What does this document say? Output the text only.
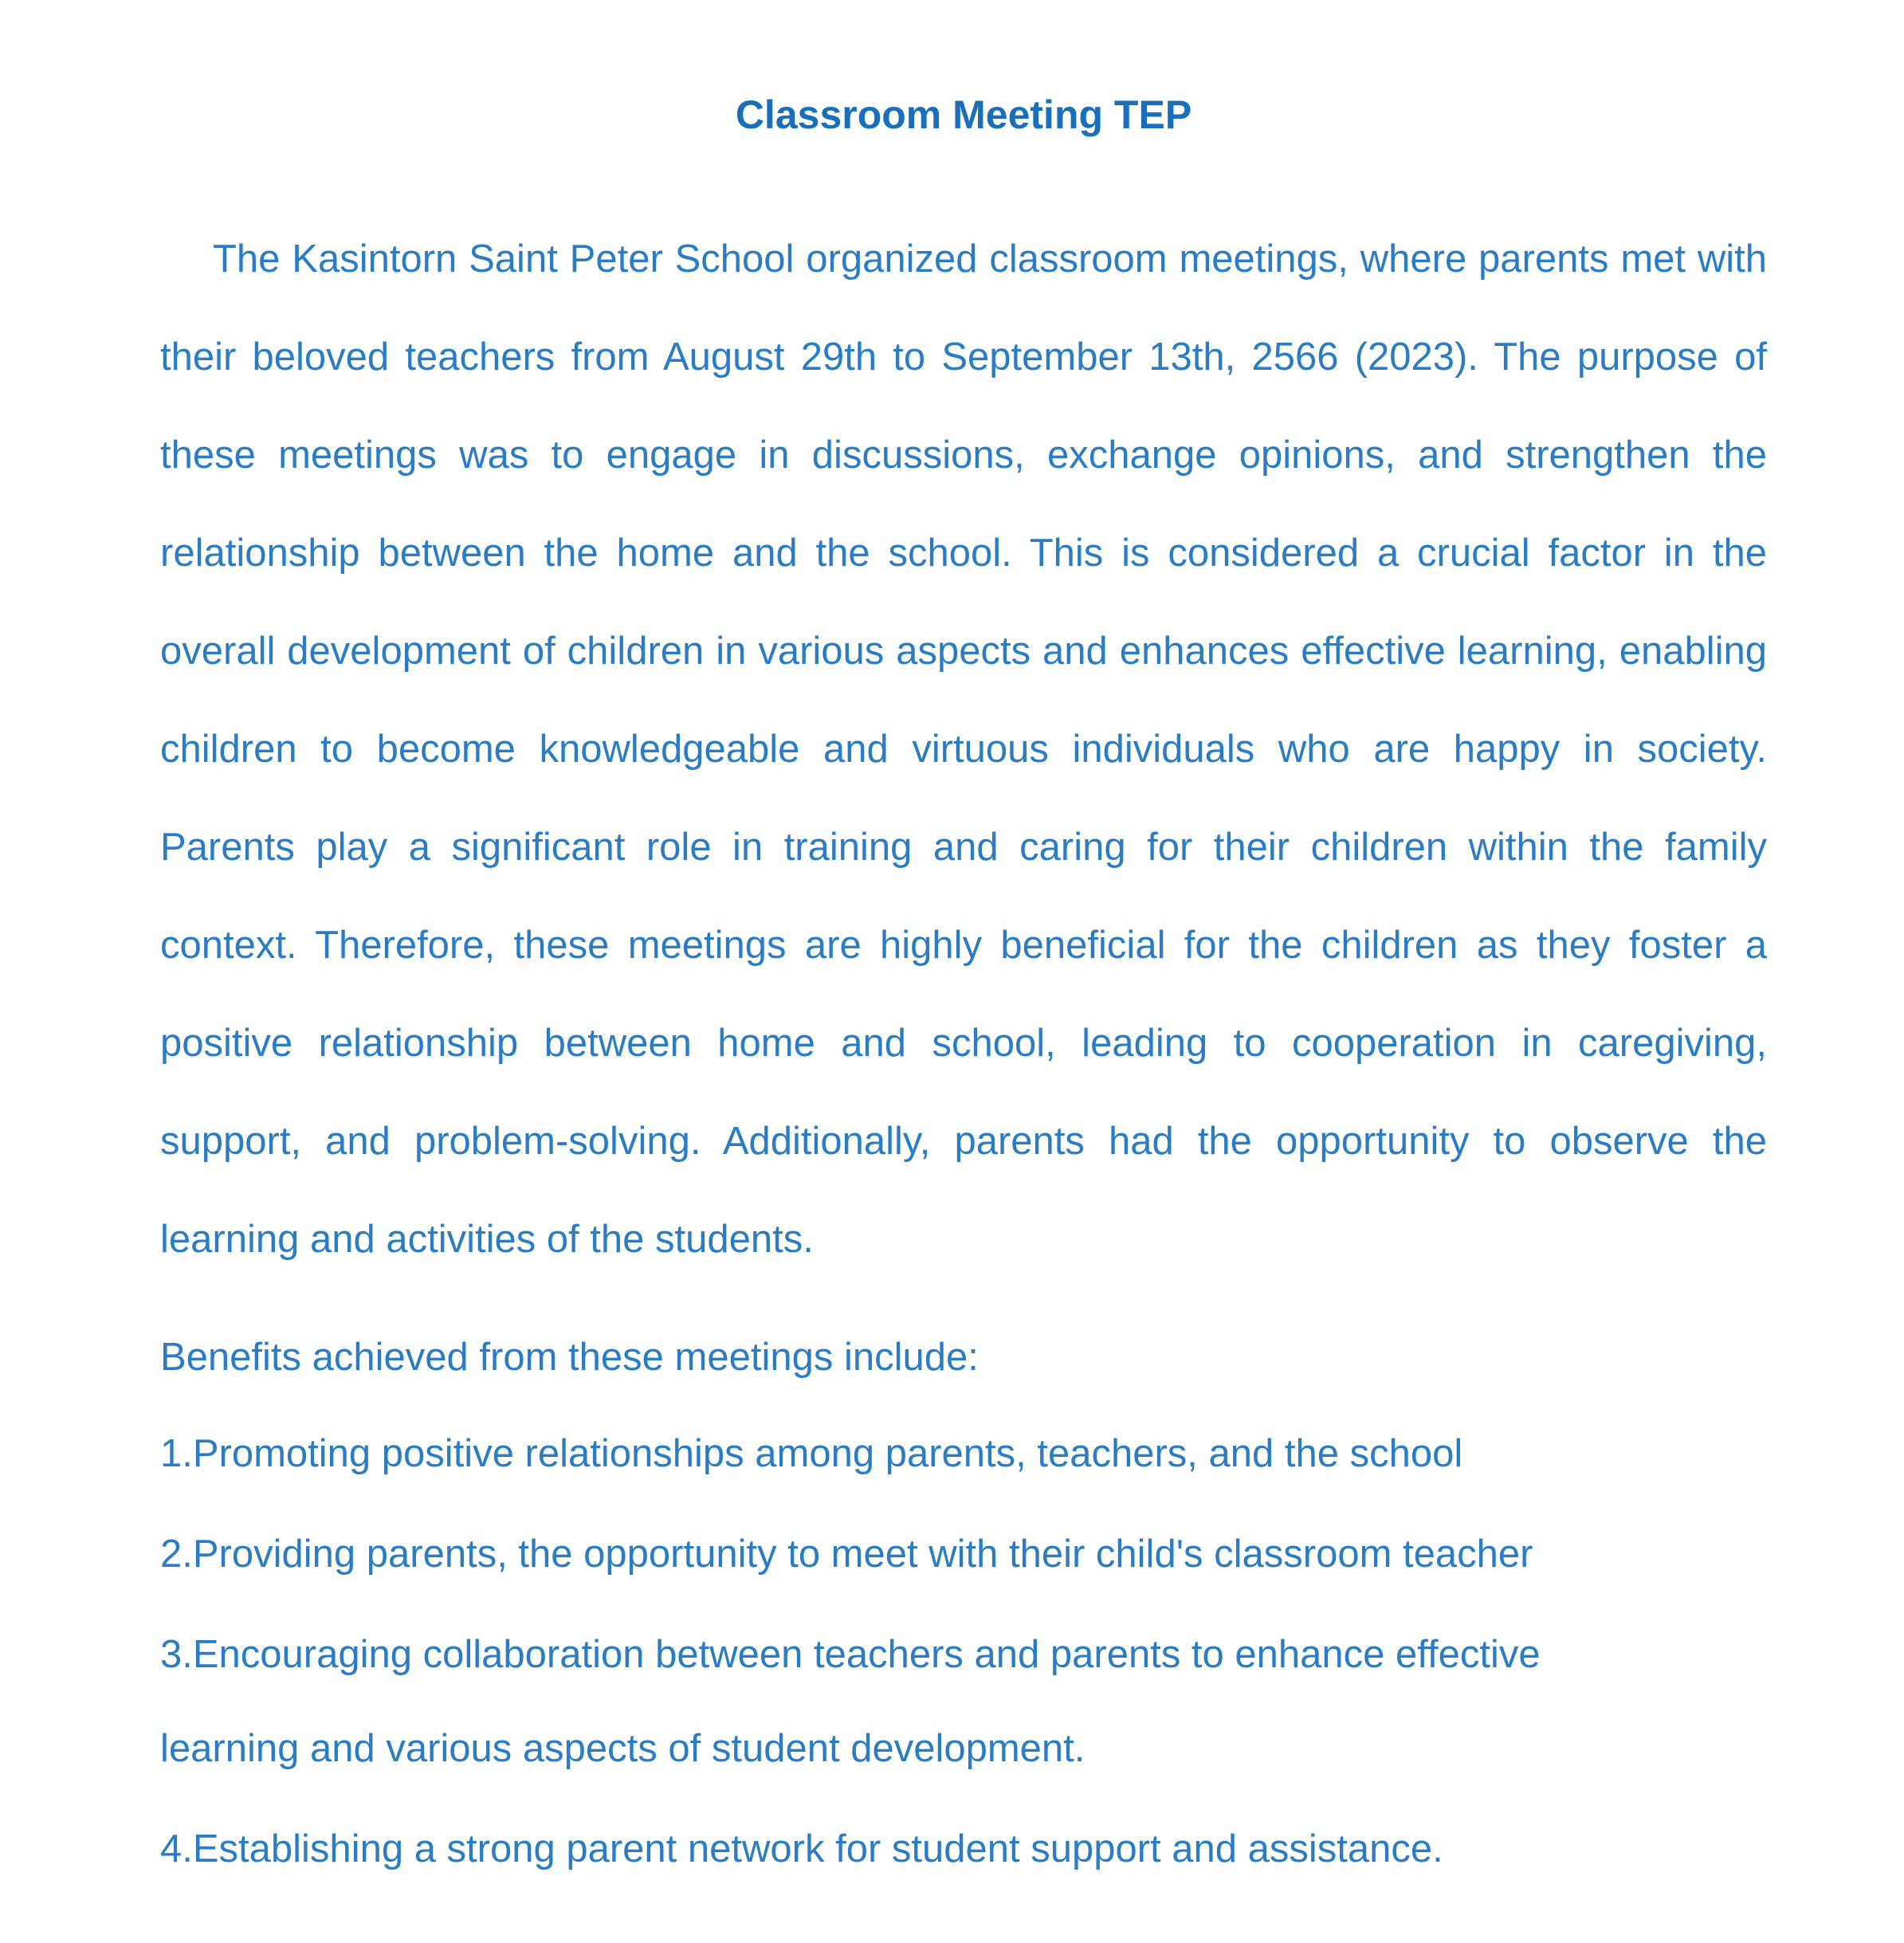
Classroom Meeting TEP

The Kasintorn Saint Peter School organized classroom meetings, where parents met with their beloved teachers from August 29th to September 13th, 2566 (2023). The purpose of these meetings was to engage in discussions, exchange opinions, and strengthen the relationship between the home and the school. This is considered a crucial factor in the overall development of children in various aspects and enhances effective learning, enabling children to become knowledgeable and virtuous individuals who are happy in society. Parents play a significant role in training and caring for their children within the family context. Therefore, these meetings are highly beneficial for the children as they foster a positive relationship between home and school, leading to cooperation in caregiving, support, and problem-solving. Additionally, parents had the opportunity to observe the learning and activities of the students.

Benefits achieved from these meetings include:

1.Promoting positive relationships among parents, teachers, and the school
2.Providing parents, the opportunity to meet with their child's classroom teacher
3.Encouraging collaboration between teachers and parents to enhance effective learning and various aspects of student development.
4.Establishing a strong parent network for student support and assistance.
